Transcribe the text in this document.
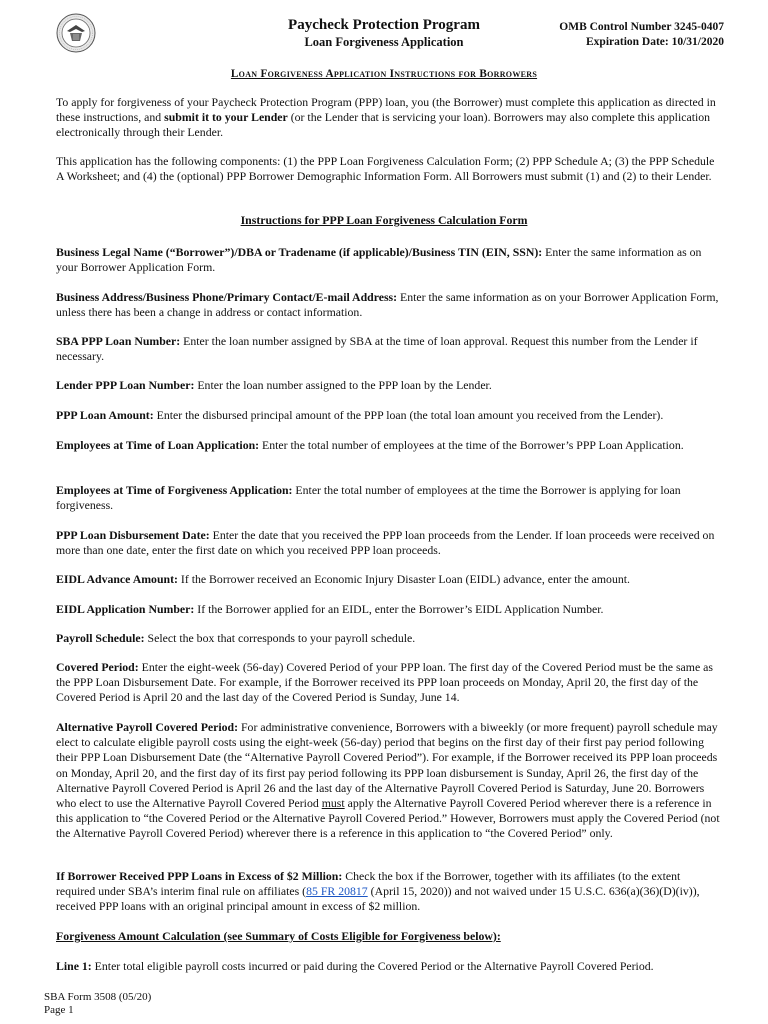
Paycheck Protection Program
Loan Forgiveness Application
OMB Control Number 3245-0407
Expiration Date: 10/31/2020
Loan Forgiveness Application Instructions for Borrowers

To apply for forgiveness of your Paycheck Protection Program (PPP) loan, you (the Borrower) must complete this application as directed in these instructions, and submit it to your Lender (or the Lender that is servicing your loan). Borrowers may also complete this application electronically through their Lender.

This application has the following components: (1) the PPP Loan Forgiveness Calculation Form; (2) PPP Schedule A; (3) the PPP Schedule A Worksheet; and (4) the (optional) PPP Borrower Demographic Information Form. All Borrowers must submit (1) and (2) to their Lender.

Instructions for PPP Loan Forgiveness Calculation Form

Business Legal Name (“Borrower”)/DBA or Tradename (if applicable)/Business TIN (EIN, SSN): Enter the same information as on your Borrower Application Form.

Business Address/Business Phone/Primary Contact/E-mail Address: Enter the same information as on your Borrower Application Form, unless there has been a change in address or contact information.

SBA PPP Loan Number: Enter the loan number assigned by SBA at the time of loan approval. Request this number from the Lender if necessary.

Lender PPP Loan Number: Enter the loan number assigned to the PPP loan by the Lender.

PPP Loan Amount: Enter the disbursed principal amount of the PPP loan (the total loan amount you received from the Lender).

Employees at Time of Loan Application: Enter the total number of employees at the time of the Borrower’s PPP Loan Application.

Employees at Time of Forgiveness Application: Enter the total number of employees at the time the Borrower is applying for loan forgiveness.

PPP Loan Disbursement Date: Enter the date that you received the PPP loan proceeds from the Lender. If loan proceeds were received on more than one date, enter the first date on which you received PPP loan proceeds.

EIDL Advance Amount: If the Borrower received an Economic Injury Disaster Loan (EIDL) advance, enter the amount.

EIDL Application Number: If the Borrower applied for an EIDL, enter the Borrower’s EIDL Application Number.

Payroll Schedule: Select the box that corresponds to your payroll schedule.

Covered Period: Enter the eight-week (56-day) Covered Period of your PPP loan. The first day of the Covered Period must be the same as the PPP Loan Disbursement Date. For example, if the Borrower received its PPP loan proceeds on Monday, April 20, the first day of the Covered Period is April 20 and the last day of the Covered Period is Sunday, June 14.

Alternative Payroll Covered Period: For administrative convenience, Borrowers with a biweekly (or more frequent) payroll schedule may elect to calculate eligible payroll costs using the eight-week (56-day) period that begins on the first day of their first pay period following their PPP Loan Disbursement Date (the “Alternative Payroll Covered Period”). For example, if the Borrower received its PPP loan proceeds on Monday, April 20, and the first day of its first pay period following its PPP loan disbursement is Sunday, April 26, the first day of the Alternative Payroll Covered Period is April 26 and the last day of the Alternative Payroll Covered Period is Saturday, June 20. Borrowers who elect to use the Alternative Payroll Covered Period must apply the Alternative Payroll Covered Period wherever there is a reference in this application to “the Covered Period or the Alternative Payroll Covered Period.” However, Borrowers must apply the Covered Period (not the Alternative Payroll Covered Period) wherever there is a reference in this application to “the Covered Period” only.

If Borrower Received PPP Loans in Excess of $2 Million: Check the box if the Borrower, together with its affiliates (to the extent required under SBA’s interim final rule on affiliates (85 FR 20817 (April 15, 2020)) and not waived under 15 U.S.C. 636(a)(36)(D)(iv)), received PPP loans with an original principal amount in excess of $2 million.

Forgiveness Amount Calculation (see Summary of Costs Eligible for Forgiveness below):

Line 1: Enter total eligible payroll costs incurred or paid during the Covered Period or the Alternative Payroll Covered Period.

SBA Form 3508 (05/20)
Page 1
